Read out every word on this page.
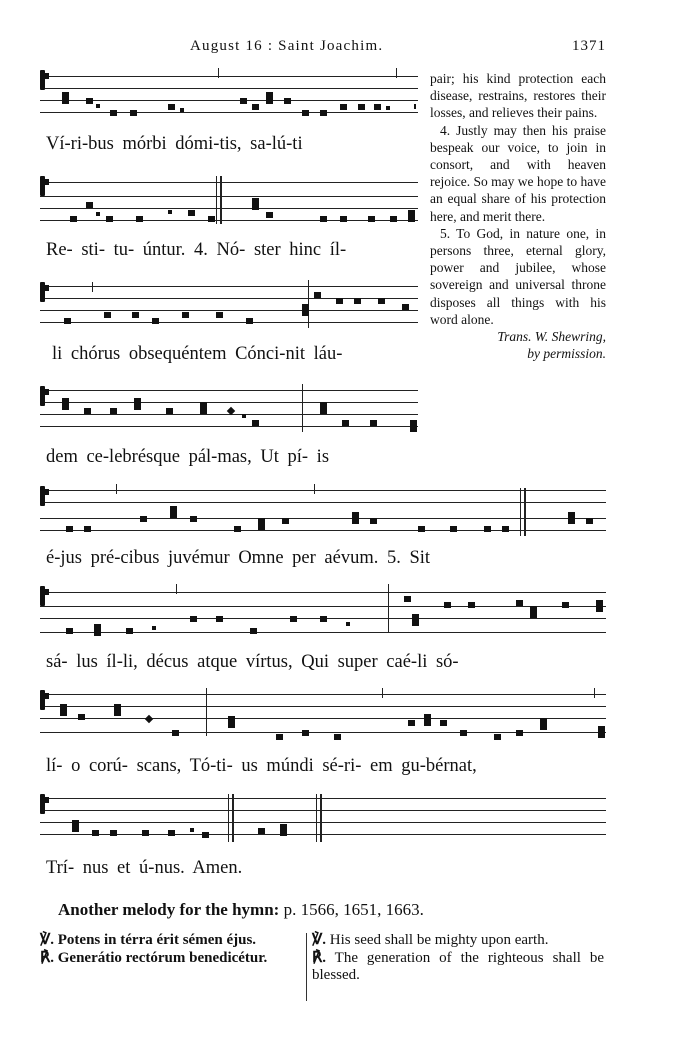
August 16 : Saint Joachim.	1371
Ví-ri-bus mórbi dómi-tis, sa-lú-ti
Re- sti- tu- úntur. 4. Nó- ster hinc íl-
li chórus obsequéntem Cónci-nit láu-
dem ce-lebrésque pál-mas, Ut pí- is
é-jus pré-cibus juvémur Omne per aévum. 5. Sit
sá- lus íl-li, décus atque vírtus, Qui super caé-li só-
lí- o corú- scans, Tó-ti- us múndi sé-ri- em gu-bérnat,
Trí- nus et ú-nus. Amen.

pair; his kind protection each disease, restrains, restores their losses, and relieves their pains.

4. Justly may then his praise bespeak our voice, to join in consort, and with heaven rejoice. So may we hope to have an equal share of his protection here, and merit there.

5. To God, in nature one, in persons three, eternal glory, power and jubilee, whose sovereign and universal throne disposes all things with his word alone.

Trans. W. Shewring,
by permission.
Another melody for the hymn: p. 1566, 1651, 1663.

℣. Potens in térra érit sémen éjus.

℟. Generátio rectórum benedicétur.

℣. His seed shall be mighty upon earth.

℟. The generation of the righteous shall be blessed.
